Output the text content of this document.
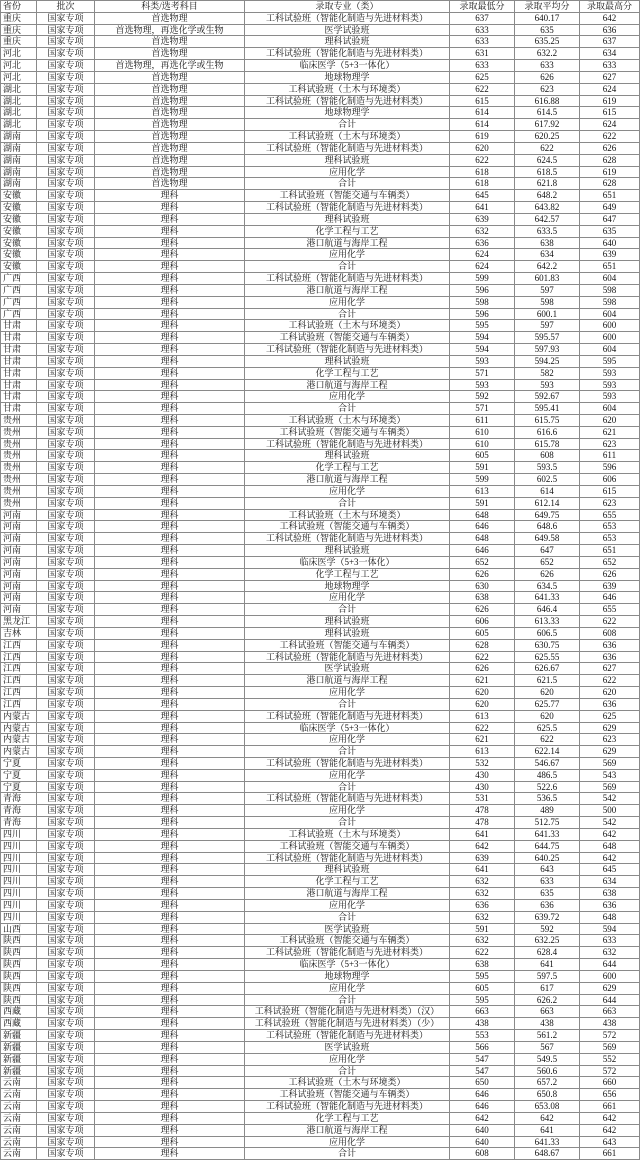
省份	批次	科类/选考科目	录取专业（类）	录取最低分	录取平均分	录取最高分
重庆	国家专项	首选物理	工科试验班（智能化制造与先进材料类）	637	640.17	642
重庆	国家专项	首选物理，再选化学或生物	医学试验班	633	635	636
重庆	国家专项	首选物理	理科试验班	633	635.25	637
河北	国家专项	首选物理	工科试验班（智能化制造与先进材料类）	631	632.2	634
河北	国家专项	首选物理，再选化学或生物	临床医学（5+3一体化）	633	633	633
河北	国家专项	首选物理	地球物理学	625	626	627
湖北	国家专项	首选物理	工科试验班（土木与环境类）	622	623	624
湖北	国家专项	首选物理	工科试验班（智能化制造与先进材料类）	615	616.88	619
湖北	国家专项	首选物理	地球物理学	614	614.5	615
湖北	国家专项	首选物理	合计	614	617.92	624
湖南	国家专项	首选物理	工科试验班（土木与环境类）	619	620.25	622
湖南	国家专项	首选物理	工科试验班（智能化制造与先进材料类）	620	622	626
湖南	国家专项	首选物理	理科试验班	622	624.5	628
湖南	国家专项	首选物理	应用化学	618	618.5	619
湖南	国家专项	首选物理	合计	618	621.8	628
安徽	国家专项	理科	工科试验班（智能交通与车辆类）	645	648.2	651
安徽	国家专项	理科	工科试验班（智能化制造与先进材料类）	641	643.82	649
安徽	国家专项	理科	理科试验班	639	642.57	647
安徽	国家专项	理科	化学工程与工艺	632	633.5	635
安徽	国家专项	理科	港口航道与海岸工程	636	638	640
安徽	国家专项	理科	应用化学	624	634	639
安徽	国家专项	理科	合计	624	642.2	651
广西	国家专项	理科	工科试验班（智能化制造与先进材料类）	599	601.83	604
广西	国家专项	理科	港口航道与海岸工程	596	597	598
广西	国家专项	理科	应用化学	598	598	598
广西	国家专项	理科	合计	596	600.1	604
甘肃	国家专项	理科	工科试验班（土木与环境类）	595	597	600
甘肃	国家专项	理科	工科试验班（智能交通与车辆类）	594	595.57	600
甘肃	国家专项	理科	工科试验班（智能化制造与先进材料类）	594	597.93	604
甘肃	国家专项	理科	理科试验班	593	594.25	595
甘肃	国家专项	理科	化学工程与工艺	571	582	593
甘肃	国家专项	理科	港口航道与海岸工程	593	593	593
甘肃	国家专项	理科	应用化学	592	592.67	593
甘肃	国家专项	理科	合计	571	595.41	604
贵州	国家专项	理科	工科试验班（土木与环境类）	611	615.75	620
贵州	国家专项	理科	工科试验班（智能交通与车辆类）	610	616.6	621
贵州	国家专项	理科	工科试验班（智能化制造与先进材料类）	610	615.78	623
贵州	国家专项	理科	理科试验班	605	608	611
贵州	国家专项	理科	化学工程与工艺	591	593.5	596
贵州	国家专项	理科	港口航道与海岸工程	599	602.5	606
贵州	国家专项	理科	应用化学	613	614	615
贵州	国家专项	理科	合计	591	612.14	623
河南	国家专项	理科	工科试验班（土木与环境类）	648	649.75	655
河南	国家专项	理科	工科试验班（智能交通与车辆类）	646	648.6	653
河南	国家专项	理科	工科试验班（智能化制造与先进材料类）	648	649.58	653
河南	国家专项	理科	理科试验班	646	647	651
河南	国家专项	理科	临床医学（5+3一体化）	652	652	652
河南	国家专项	理科	化学工程与工艺	626	626	626
河南	国家专项	理科	地球物理学	630	634.5	639
河南	国家专项	理科	应用化学	638	641.33	646
河南	国家专项	理科	合计	626	646.4	655
黑龙江	国家专项	理科	理科试验班	606	613.33	622
吉林	国家专项	理科	理科试验班	605	606.5	608
江西	国家专项	理科	工科试验班（智能交通与车辆类）	628	630.75	636
江西	国家专项	理科	工科试验班（智能化制造与先进材料类）	622	625.55	636
江西	国家专项	理科	医学试验班	626	626.67	627
江西	国家专项	理科	港口航道与海岸工程	621	621.5	622
江西	国家专项	理科	应用化学	620	620	620
江西	国家专项	理科	合计	620	625.77	636
内蒙古	国家专项	理科	工科试验班（智能化制造与先进材料类）	613	620	625
内蒙古	国家专项	理科	临床医学（5+3一体化）	622	625.5	629
内蒙古	国家专项	理科	应用化学	621	622	623
内蒙古	国家专项	理科	合计	613	622.14	629
宁夏	国家专项	理科	工科试验班（智能化制造与先进材料类）	532	546.67	569
宁夏	国家专项	理科	应用化学	430	486.5	543
宁夏	国家专项	理科	合计	430	522.6	569
青海	国家专项	理科	工科试验班（智能化制造与先进材料类）	531	536.5	542
青海	国家专项	理科	应用化学	478	489	500
青海	国家专项	理科	合计	478	512.75	542
四川	国家专项	理科	工科试验班（土木与环境类）	641	641.33	642
四川	国家专项	理科	工科试验班（智能交通与车辆类）	642	644.75	648
四川	国家专项	理科	工科试验班（智能化制造与先进材料类）	639	640.25	642
四川	国家专项	理科	理科试验班	641	643	645
四川	国家专项	理科	化学工程与工艺	632	633	634
四川	国家专项	理科	港口航道与海岸工程	632	635	638
四川	国家专项	理科	应用化学	636	636	636
四川	国家专项	理科	合计	632	639.72	648
山西	国家专项	理科	医学试验班	591	592	594
陕西	国家专项	理科	工科试验班（智能交通与车辆类）	632	632.25	633
陕西	国家专项	理科	工科试验班（智能化制造与先进材料类）	622	628.4	632
陕西	国家专项	理科	临床医学（5+3一体化）	638	641	644
陕西	国家专项	理科	地球物理学	595	597.5	600
陕西	国家专项	理科	应用化学	605	617	629
陕西	国家专项	理科	合计	595	626.2	644
西藏	国家专项	理科	工科试验班（智能化制造与先进材料类）（汉）	663	663	663
西藏	国家专项	理科	工科试验班（智能化制造与先进材料类）（少）	438	438	438
新疆	国家专项	理科	工科试验班（智能化制造与先进材料类）	553	561.2	572
新疆	国家专项	理科	医学试验班	566	567	569
新疆	国家专项	理科	应用化学	547	549.5	552
新疆	国家专项	理科	合计	547	560.6	572
云南	国家专项	理科	工科试验班（土木与环境类）	650	657.2	660
云南	国家专项	理科	工科试验班（智能交通与车辆类）	646	650.8	656
云南	国家专项	理科	工科试验班（智能化制造与先进材料类）	646	653.08	661
云南	国家专项	理科	化学工程与工艺	642	642	642
云南	国家专项	理科	港口航道与海岸工程	640	641	642
云南	国家专项	理科	应用化学	640	641.33	643
云南	国家专项	理科	合计	608	648.67	661
